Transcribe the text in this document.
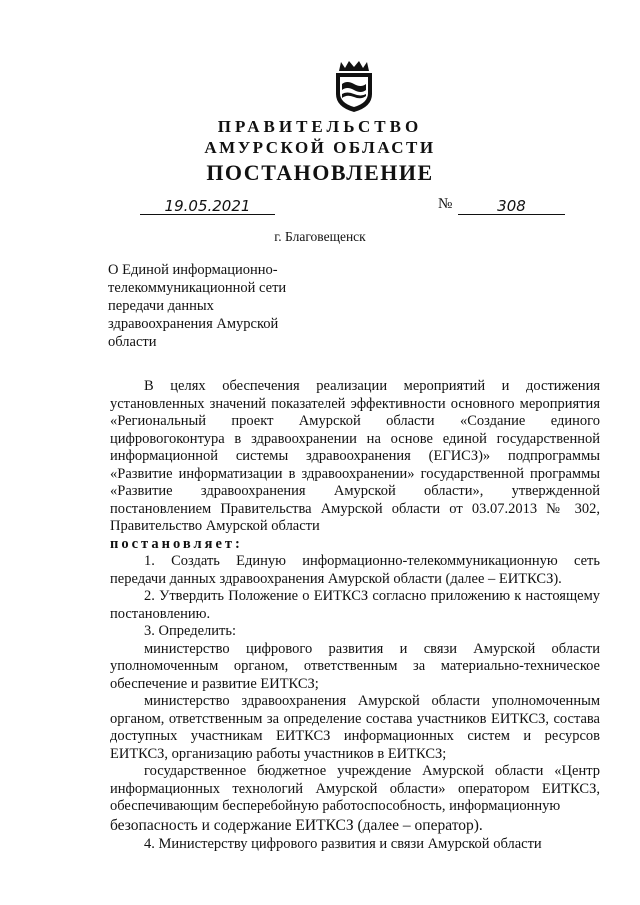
ПРАВИТЕЛЬСТВО
АМУРСКОЙ ОБЛАСТИ
ПОСТАНОВЛЕНИЕ
19.05.2021	№	308
г. Благовещенск
О Единой информационно-телекоммуникационной сети передачи данных здравоохранения Амурской области

В целях обеспечения реализации мероприятий и достижения установленных значений показателей эффективности основного мероприятия «Региональный проект Амурской области «Создание единого цифровогоконтура в здравоохранении на основе единой государственной информационной системы здравоохранения (ЕГИСЗ)» подпрограммы «Развитие информатизации в здравоохранении» государственной программы «Развитие здравоохранения Амурской области», утвержденной постановлением Правительства Амурской области от 03.07.2013 № 302, Правительство Амурской области

постановляет:

1. Создать Единую информационно-телекоммуникационную сеть передачи данных здравоохранения Амурской области (далее – ЕИТКСЗ).

2. Утвердить Положение о ЕИТКСЗ согласно приложению к настоящему постановлению.

3. Определить:

министерство цифрового развития и связи Амурской области уполномоченным органом, ответственным за материально-техническое обеспечение и развитие ЕИТКСЗ;

министерство здравоохранения Амурской области уполномоченным органом, ответственным за определение состава участников ЕИТКСЗ, состава доступных участникам ЕИТКСЗ информационных систем и ресурсов ЕИТКСЗ, организацию работы участников в ЕИТКСЗ;

государственное бюджетное учреждение Амурской области «Центр информационных технологий Амурской области» оператором ЕИТКСЗ, обеспечивающим бесперебойную работоспособность, информационную

безопасность и содержание ЕИТКСЗ (далее – оператор).

4. Министерству цифрового развития и связи Амурской области
